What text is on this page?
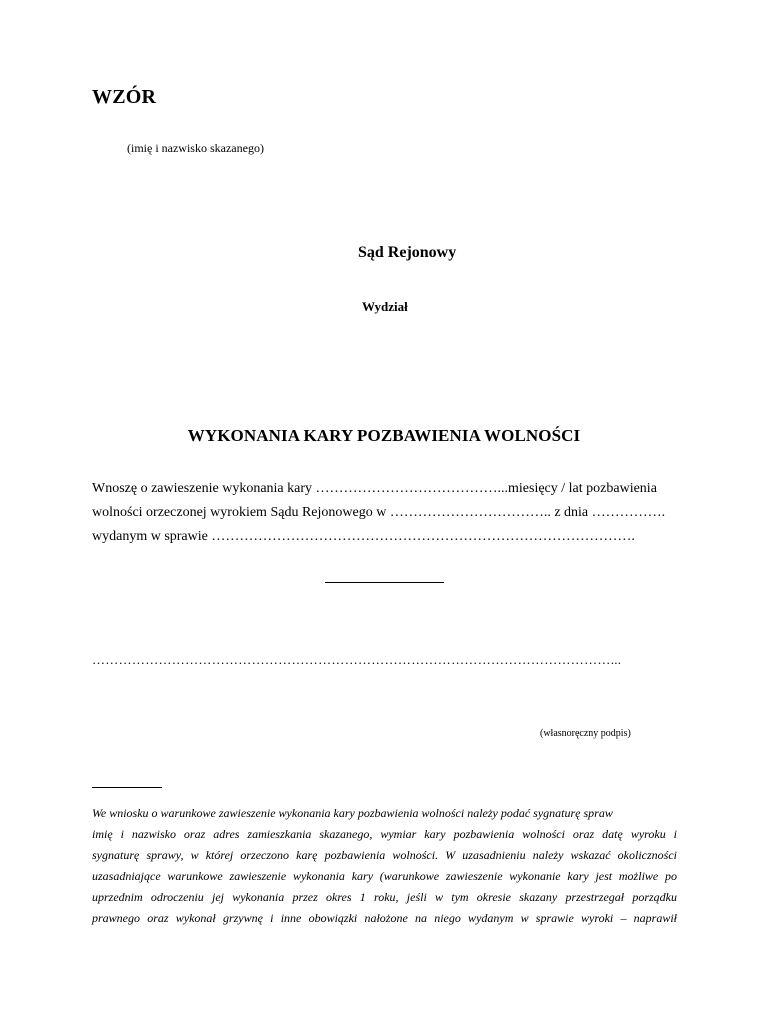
WZÓR
(imię i nazwisko skazanego)
Sąd Rejonowy
Wydział
WYKONANIA KARY POZBAWIENIA WOLNOŚCI
Wnoszę o zawieszenie wykonania kary …………………………………...miesięcy / lat pozbawienia
wolności orzeczonej wyrokiem Sądu Rejonowego w …………………………….. z dnia …………….
wydanym w sprawie ……………………………………………………………………………….
………………………………………………………………………………………………………...
(własnoręczny podpis)
We wniosku o warunkowe zawieszenie wykonania kary pozbawienia wolności należy podać sygnaturę spraw
imię i nazwisko oraz adres zamieszkania skazanego, wymiar kary pozbawienia wolności oraz datę wyroku i
sygnaturę sprawy, w której orzeczono karę pozbawienia wolności. W uzasadnieniu należy wskazać okoliczności
uzasadniające warunkowe zawieszenie wykonania kary (warunkowe zawieszenie wykonanie kary jest możliwe po
uprzednim odroczeniu jej wykonania przez okres 1 roku, jeśli w tym okresie skazany przestrzegał porządku
prawnego oraz wykonał grzywnę i inne obowiązki nałożone na niego wydanym w sprawie wyroki – naprawił
